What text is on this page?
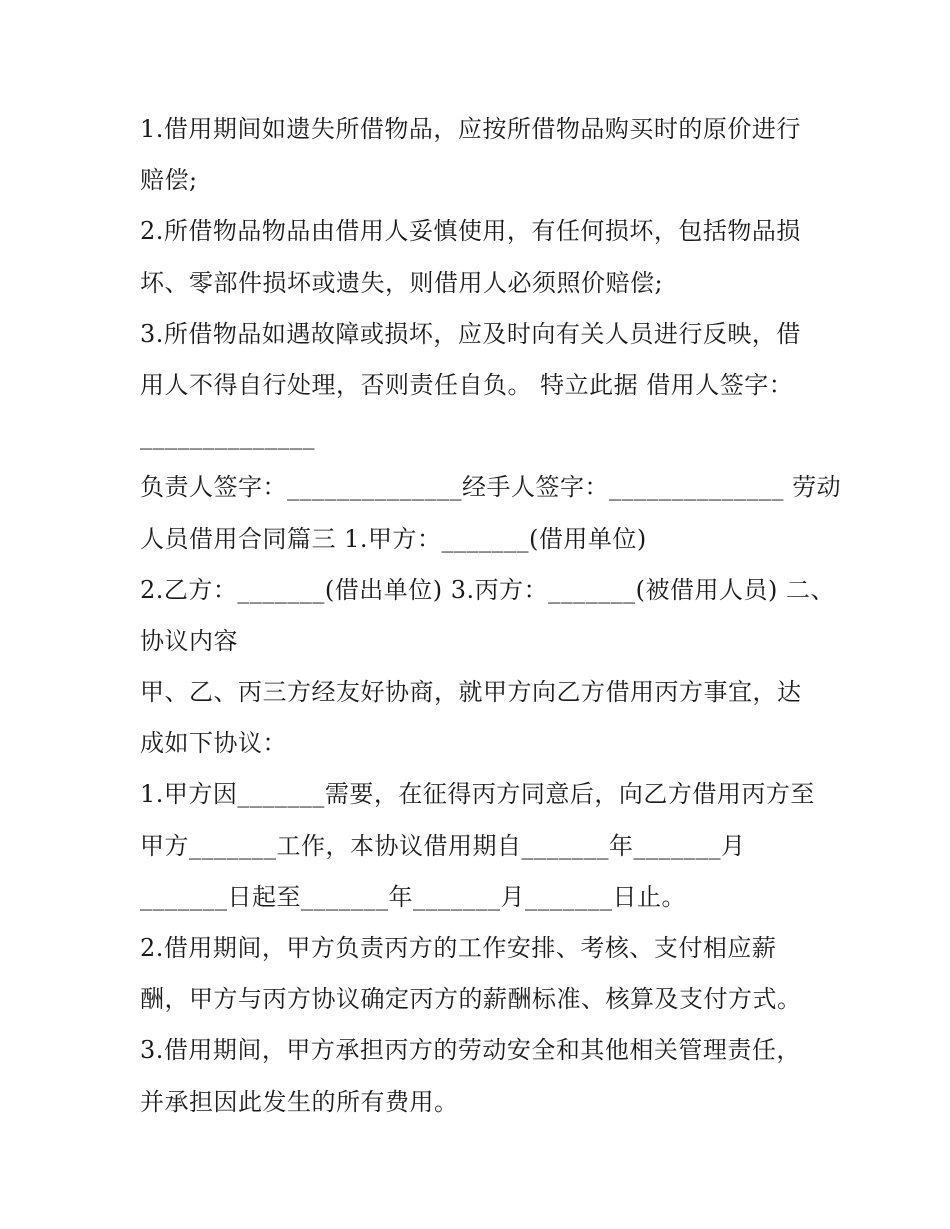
1.借用期间如遗失所借物品，应按所借物品购买时的原价进行
赔偿;
2.所借物品物品由借用人妥慎使用，有任何损坏，包括物品损
坏、零部件损坏或遗失，则借用人必须照价赔偿;
3.所借物品如遇故障或损坏，应及时向有关人员进行反映，借
用人不得自行处理，否则责任自负。 特立此据 借用人签字：
______________
负责人签字：______________经手人签字：______________ 劳动
人员借用合同篇三 1.甲方：_______(借用单位)
2.乙方：_______(借出单位) 3.丙方：_______(被借用人员) 二、
协议内容
甲、乙、丙三方经友好协商，就甲方向乙方借用丙方事宜，达
成如下协议：
1.甲方因_______需要，在征得丙方同意后，向乙方借用丙方至
甲方_______工作，本协议借用期自_______年_______月
_______日起至_______年_______月_______日止。
2.借用期间，甲方负责丙方的工作安排、考核、支付相应薪
酬，甲方与丙方协议确定丙方的薪酬标准、核算及支付方式。
3.借用期间，甲方承担丙方的劳动安全和其他相关管理责任，
并承担因此发生的所有费用。
